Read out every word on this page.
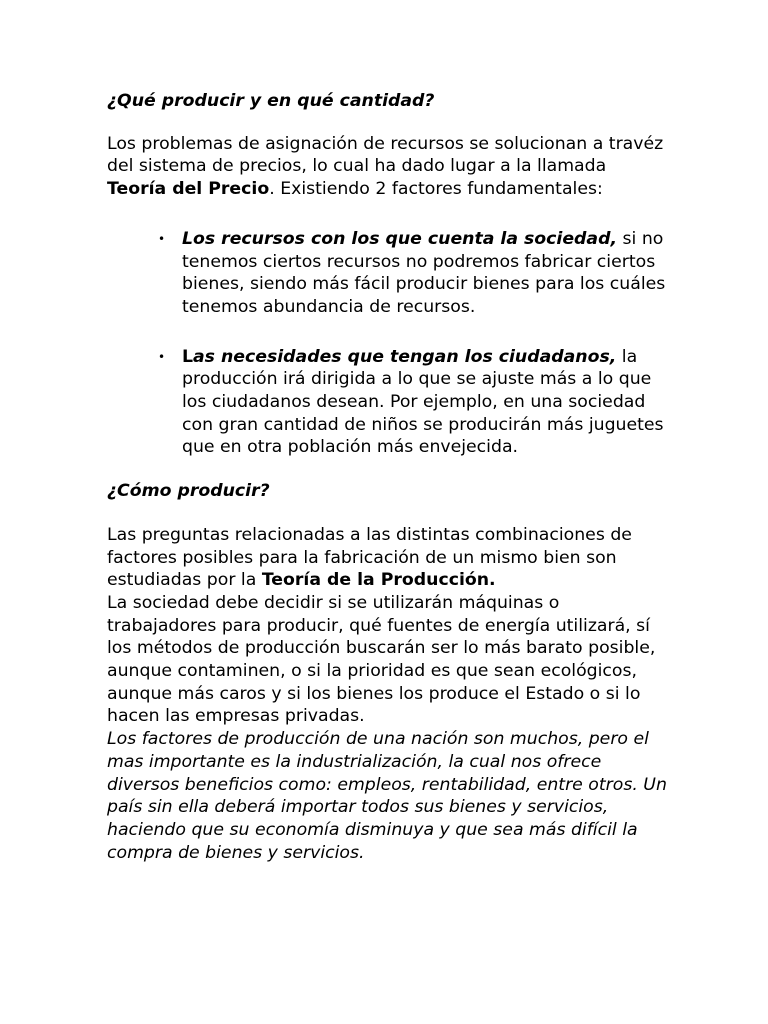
¿Qué producir y en qué cantidad?

Los problemas de asignación de recursos se solucionan a travéz del sistema de precios, lo cual ha dado lugar a la llamada Teoría del Precio. Existiendo 2 factores fundamentales:

• Los recursos con los que cuenta la sociedad, si no tenemos ciertos recursos no podremos fabricar ciertos bienes, siendo más fácil producir bienes para los cuáles tenemos abundancia de recursos.
• Las necesidades que tengan los ciudadanos, la producción irá dirigida a lo que se ajuste más a lo que los ciudadanos desean. Por ejemplo, en una sociedad con gran cantidad de niños se producirán más juguetes que en otra población más envejecida.

¿Cómo producir?

Las preguntas relacionadas a las distintas combinaciones de factores posibles para la fabricación de un mismo bien son estudiadas por la Teoría de la Producción.

La sociedad debe decidir si se utilizarán máquinas o trabajadores para producir, qué fuentes de energía utilizará, sí los métodos de producción buscarán ser lo más barato posible, aunque contaminen, o si la prioridad es que sean ecológicos, aunque más caros y si los bienes los produce el Estado o si lo hacen las empresas privadas.

Los factores de producción de una nación son muchos, pero el mas importante es la industrialización, la cual nos ofrece diversos beneficios como: empleos, rentabilidad, entre otros. Un país sin ella deberá importar todos sus bienes y servicios, haciendo que su economía disminuya y que sea más difícil la compra de bienes y servicios.
